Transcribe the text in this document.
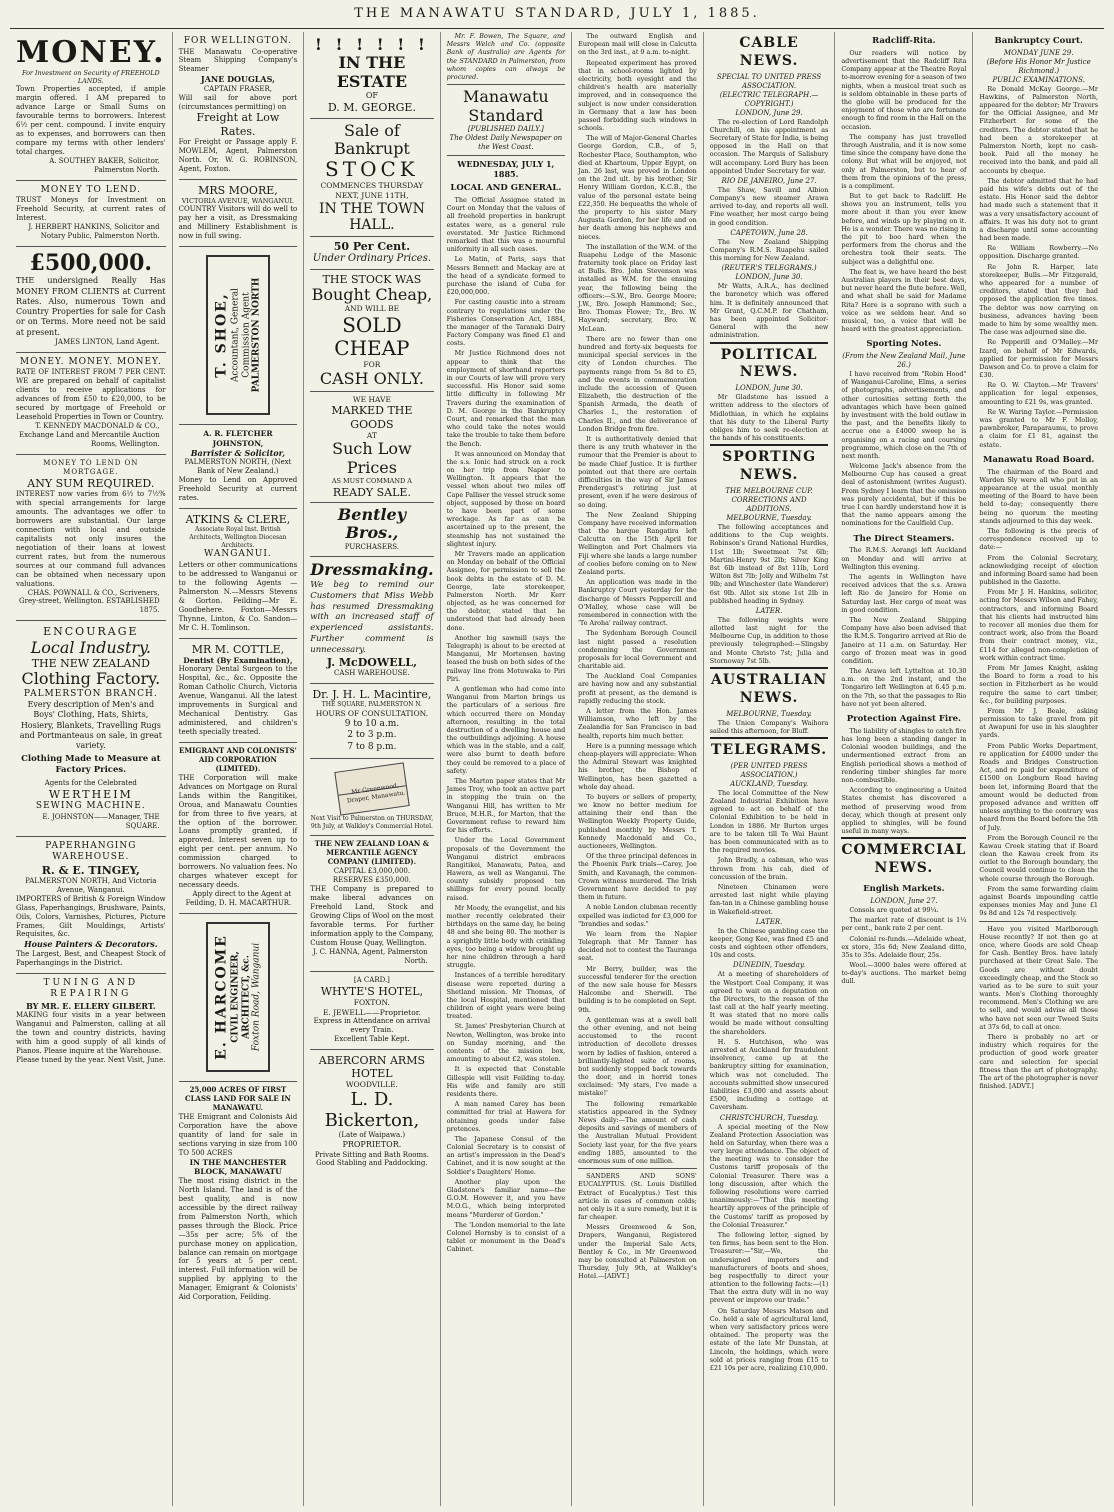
THE MANAWATU STANDARD, JULY 1, 1885.
MONEY.
For Investment on Security of FREEHOLD LANDS.
Town Properties accepted, if ample margin offered. I AM prepared to advance Large or Small Sums on favourable terms to borrowers. Interest 6½ per cent. compound. I invite enquiry as to expenses, and borrowers can then compare my terms with other lenders' total charges.
A. SOUTHEY BAKER, Solicitor, Palmerston North.
MONEY TO LEND.
TRUST Moneys for Investment on Freehold Security, at current rates of Interest.
J. HERBERT HANKINS, Solicitor and Notary Public, Palmerston North.
£500,000.
THE undersigned Really Has MONEY FROM CLIENTS at Current Rates. Also, numerous Town and Country Properties for sale for Cash or on Terms. More need not be said at present.
JAMES LINTON, Land Agent.
MONEY. MONEY. MONEY.
RATE OF INTEREST FROM 7 PER CENT. WE are prepared on behalf of capitalist clients to receive applications for advances of from £50 to £20,000, to be secured by mortgage of Freehold or Leasehold Properties in Town or Country.
T. KENNEDY MACDONALD & CO., Exchange Land and Mercantile Auction Rooms, Wellington.
MONEY TO LEND ON MORTGAGE.
ANY SUM REQUIRED.
INTEREST now varies from 6½ to 7½% with special arrangements for large amounts. The advantages we offer to borrowers are substantial. Our large connection with local and outside capitalists not only insures the negotiation of their loans at lowest current rates, but from the numerous sources at our command full advances can be obtained when necessary upon valuations.
CHAS. POWNALL & CO., Scriveners, Grey-street, Wellington. ESTABLISHED 1875.
ENCOURAGE
Local Industry.
THE NEW ZEALAND
Clothing Factory.
PALMERSTON BRANCH.
Every description of Men's and Boys' Clothing, Hats, Shirts, Hosiery, Blankets, Travelling Rugs and Portmanteaus on sale, in great variety.
Clothing Made to Measure at Factory Prices.
Agents for the Celebrated
WERTHEIM
SEWING MACHINE.
E. JOHNSTON——Manager, THE SQUARE.
PAPERHANGING WAREHOUSE.
R. & E. TINGEY,
PALMERSTON NORTH, And Victoria Avenue, Wanganui.
IMPORTERS of British & Foreign Window Glass, Paperhangings, Brushware, Paints, Oils, Colors, Varnishes, Pictures, Picture Frames, Gilt Mouldings, Artists' Requisites, &c.
House Painters & Decorators.
The Largest, Best, and Cheapest Stock of Paperhangings in the District.
TUNING AND REPAIRING
BY MR. E. ELLERY GILBERT.
MAKING four visits in a year between Wanganui and Palmerston, calling at all the town and country districts, having with him a good supply of all kinds of Pianos. Please inquire at the Warehouse.
Please tuned by the year. Next Visit, June.
FOR WELLINGTON.
THE Manawatu Co-operative Steam Shipping Company's Steamer
JANE DOUGLAS,
CAPTAIN FRASER,
Will sail for above port (circumstances permitting) on
Freight at Low Rates.
For Freight or Passage apply F. MOWLEM, Agent, Palmerston North. Or, W. G. ROBINSON, Agent, Foxton.
MRS MOORE,
VICTORIA AVENUE, WANGANUI.
COUNTRY Visitors will do well to pay her a visit, as Dressmaking and Millinery Establishment is now in full swing.
T. SHOE, Accountant, General Commission Agent PALMERSTON NORTH
A. R. FLETCHER JOHNSTON,
Barrister & Solicitor,
PALMERSTON NORTH, (Next Bank of New Zealand.)
Money to Lend on Approved Freehold Security at current rates.
ATKINS & CLERE,
Associate Royal Inst. British Architects, Wellington Diocesan Architects.
WANGANUI.
Letters or other communications to be addressed to Wanganui or to the following Agents — Palmerston N.—Messrs Stevens & Gorton. Feilding—Mr E. Goodbehere. Foxton—Messrs Thynne, Linton, & Co. Sandon—Mr C. H. Tomlinson.
MR M. COTTLE,
Dentist (By Examination),
Honorary Dental Surgeon to the Hospital, &c., &c. Opposite the Roman Catholic Church, Victoria Avenue, Wanganui. All the latest improvements in Surgical and Mechanical Dentistry. Gas administered, and children's teeth specially treated.
EMIGRANT AND COLONISTS' AID CORPORATION (LIMITED).
THE Corporation will make Advances on Mortgage on Rural Lands within the Rangitikei, Oroua, and Manawatu Counties for from three to five years, at the option of the borrower. Loans promptly granted, if approved. Interest seven up to eight per cent. per annum. No commission charged to borrowers. No valuation fees. No charges whatever except for necessary deeds.
Apply direct to the Agent at Feilding, D. H. MACARTHUR.
E. HARCOME CIVIL ENGINEER, ARCHITECT, &c. Foxton Road, Wanganui
25,000 ACRES OF FIRST CLASS LAND FOR SALE IN MANAWATU.
THE Emigrant and Colonists Aid Corporation have the above quantity of land for sale in sections varying in size from 100 TO 500 ACRES
IN THE MANCHESTER BLOCK, MANAWATU
The most rising district in the North Island. The land is of the best quality, and is now accessible by the direct railway from Palmerston North, which passes through the Block. Price—35s per acre; 5% of the purchase money on application, balance can remain on mortgage for 5 years at 5 per cent. interest. Full information will be supplied by applying to the Manager, Emigrant & Colonists' Aid Corporation, Feilding.
! ! ! ! ! !
IN THE ESTATE
OF
D. M. GEORGE.
Sale of Bankrupt
STOCK
COMMENCES THURSDAY NEXT, JUNE 11TH,
IN THE TOWN HALL.
50 Per Cent.
Under Ordinary Prices.
THE STOCK WAS
Bought Cheap,
AND WILL BE
SOLD CHEAP
FOR
CASH ONLY.
WE HAVE
MARKED THE GOODS
AT
Such Low Prices
AS MUST COMMAND A
READY SALE.
Bentley Bros.,
PURCHASERS.
Dressmaking.
We beg to remind our Customers that Miss Webb has resumed Dressmaking with an increased staff of experienced assistants. Further comment is unnecessary.
J. McDOWELL,
CASH WAREHOUSE.
Dr. J. H. L. Macintire,
THE SQUARE, PALMERSTON N.
HOURS OF CONSULTATION.
9 to 10 a.m.
2 to 3 p.m.
7 to 8 p.m.
Mr Greenwood, Draper, Manawatu.
Next Visit to Palmerston on THURSDAY, 9th July, at Walkley's Commercial Hotel.
THE NEW ZEALAND LOAN & MERCANTILE AGENCY COMPANY (LIMITED).
CAPITAL £3,000,000.
RESERVES £350,000.
THE Company is prepared to make liberal advances on Freehold Land, Stock and Growing Clips of Wool on the most favorable terms. For further information apply to the Company, Custom House Quay, Wellington.
J. C. HANNA, Agent, Palmerston North.
[A CARD.]
WHYTE'S HOTEL,
FOXTON.
E. JEWELL——Proprietor.
Express in Attendance on arrival every Train.
Excellent Table Kept.
ABERCORN ARMS HOTEL
WOODVILLE.
L. D. Bickerton,
(Late of Waipawa.)
PROPRIETOR.
Private Sitting and Bath Rooms.
Good Stabling and Paddocking.

Mr. F. Bowen, The Square, and Messrs Welch and Co. (opposite Bank of Australia) are Agents for the STANDARD in Palmerston, from whom copies can always be procured.

Manawatu Standard
[PUBLISHED DAILY.]
The Oldest Daily Newspaper on the West Coast.
WEDNESDAY, JULY 1, 1885.
LOCAL AND GENERAL.

The Official Assignee stated in Court on Monday that the values of all freehold properties in bankrupt estates were, as a general rule overstated. Mr Justice Richmond remarked that this was a mournful uniformity in all such cases.

Le Matin, of Paris, says that Messrs Bennett and Mackay are at the head of a syndicate formed to purchase the island of Cuba for £20,000,000.

For casting caustic into a stream contrary to regulations under the Fisheries Conservation Act, 1884, the manager of the Taranaki Dairy Factory Company was fined £1 and costs.

Mr Justice Richmond does not appear to think that the employment of shorthand reporters in our Courts of law will prove very successful. His Honor said some little difficulty in following Mr Travers during the examination of D. M. George in the Bankruptcy Court, and remarked that the man who could take the notes would take the trouble to take them before the Bench.

It was announced on Monday that the s.s. Ionic had struck on a rock on her trip from Napier to Wellington. It appears that the vessel when about two miles off Cape Palliser the vessel struck some object, supposed by those on board to have been part of some wreckage. As far as can be ascertained up to the present, the steamship has not sustained the slightest injury.

Mr Travers made an application on Monday on behalf of the Official Assignee, for permission to sell the book debts in the estate of D. M. George, late storekeeper, Palmerston North. Mr Kerr objected, as he was concerned for the debtor, stated that he understood that had already been done.

Another big sawmill (says the Telegraph) is about to be erected at Manganui, Mr Mortensen having leased the bush on both sides of the railway line from Motuwaka to Piri Piri.

A gentleman who had come into Wanganui from Marton brings us the particulars of a serious fire which occurred there on Monday afternoon, resulting in the total destruction of a dwelling house and the outbuildings adjoining. A house which was in the stable, and a calf, were also burnt to death before they could be removed to a place of safety.

The Marton paper states that Mr James Troy, who took an active part in stopping the train on the Wanganui Hill, has written to Mr Bruce, M.H.R., for Marton, that the Government refuse to reward him for his efforts.

Under the Local Government proposals of the Government the Wanganui district embraces Rangitikei, Manawatu, Patea, and Hawera, as well as Wanganui. The county subsidy proposed ten shillings for every pound locally raised.

Mr Moody, the evangelist, and his mother recently celebrated their birthdays on the same day, he being 48 and she being 80. The mother is a sprightly little body with crinkling eyes, too being a widow brought up her nine children through a hard struggle.

Instances of a terrible hereditary disease were reported during a Shetland mission. Mr Thomas, of the local Hospital, mentioned that children of eight years were being treated.

St. James' Presbyterian Church at Newton, Wellington, was broke into on Sunday morning, and the contents of the mission box, amounting to about £2, was stolen.

It is expected that Constable Gillespie will visit Feilding to-day. His wife and family are still residents there.

A man named Carey has been committed for trial at Hawera for obtaining goods under false pretences.

The Japanese Consul of the Colonial Secretary is to consist of an artist's impression in the Dead's Cabinet, and it is now sought at the Soldier's Daughters' Home.

Another play upon the Gladstone's familiar name—the G.O.M. However it, and you have M.O.G., which being interpreted means "Murderer of Gordon."

The 'London memorial to the late Colonel Hornsby is to consist of a tablet or monument in the Dead's Cabinet.

The outward English and European mail will close in Calcutta on the 3rd inst., at 9 a.m. to-night.

Repeated experiment has proved that in school-rooms lighted by electricity, both eyesight and the children's health are materially improved, and in consequence the subject is now under consideration in Germany that a law has been passed forbidding such windows in schools.

The will of Major-General Charles George Gordon, C.B., of 5, Rochester Place, Southampton, who died at Khartoum, Upper Egypt, on Jan. 26 last, was proved in London on the 2nd ult. by his brother, Sir Henry William Gordon, K.C.B., the value of the personal estate being £22,350. He bequeaths the whole of the property to his sister Mary Augusta Gordon, for her life and on her death among his nephews and nieces.

The installation of the W.M. of the Ruapehu Lodge of the Masonic fraternity took place on Friday last at Bulls. Bro. John Stevenson was installed as W.M. for the ensuing year, the following being the officers:—S.W., Bro. George Moore; J.W., Bro. Joseph Hammond; Sec., Bro. Thomas Flower; Tr., Bro. W. Hayward; secretary, Bro. W. McLean.

There are no fewer than one hundred and forty-six bequests for municipal special services in the city of London churches. The payments range from 5s 8d to £5, and the events in commemoration include the accession of Queen Elizabeth, the destruction of the Spanish Armada, the death of Charles I., the restoration of Charles II., and the deliverance of London Bridge from fire.

It is authoritatively denied that there is any truth whatever in the rumour that the Premier is about to be made Chief Justice. It is further pointed out that there are certain difficulties in the way of Sir James Prendergast's retiring just at present, even if he were desirous of so doing.

The New Zealand Shipping Company have received information that the barque Rangatira left Calcutta on the 15th April for Wellington and Port Chalmers via Fiji where she lands a large number of coolies before coming on to New Zealand ports.

An application was made in the Bankruptcy Court yesterday for the discharge of Messrs Peppercill and O'Malley, whose case will be remembered in connection with the 'Te Aroha' railway contract.

The Sydenham Borough Council last night passed a resolution condemning the Government proposals for local Government and charitable aid.

The Auckland Coal Companies are having now and any substantial profit at present, as the demand is rapidly reducing the stock.

A letter from the Hon. James Williamson, who left by the Zealandia for San Francisco in bad health, reports him much better.

Here is a punning message which cheap-players will appreciate: When the Admiral Stewart was knighted his brother, the Bishop of Wellington, has been gazetted a whole day ahead.

To buyers or sellers of property, we know no better medium for attaining their end than the Wellington Weekly Property Guide, published monthly by Messrs T. Kennedy Macdonald and Co., auctioneers, Wellington.

Of the three principal defences in the Phoenix Park trials—Carey, Joe Smith, and Kavanagh, the common-Crown witness murdered. The Irish Government have decided to pay them in future.

A noble London clubman recently expelled was indicted for £3,000 for "brandies and sodas."

We learn from the Napier Telegraph that Mr Tanner has decided not to contest the Tauranga seat.

Mr Berry, builder, was the successful tenderer for the erection of the new sale house for Messrs Halcombe and Sherwill. The building is to be completed on Sept. 9th.

A gentleman was at a swell ball the other evening, and not being accustomed to the recent introduction of decollete dresses worn by ladies of fashion, entered a brilliantly-lighted suite of rooms, but suddenly stopped back towards the door, and in horrid tones exclaimed: 'My stars, I've made a mistake!'

The following remarkable statistics appeared in the Sydney News daily:—The amount of cash deposits and savings of members of the Australian Mutual Provident Society last year, for the five years ending 1885, amounted to the enormous sum of one million.

SANDERS AND SONS' EUCALYPTUS. (St. Louis Distilled Extract of Eucalyptus.) Test this article in cases of common colds; not only is it a sure remedy, but it is far cheaper.

Messrs Greenwood & Son, Drapers, Wanganui, Registered under the Imperial Sale Acts, Bentley & Co., in Mr Greenwood may be consulted at Palmerston on Thursday, July 9th, at Walkley's Hotel.—[ADVT.]

CABLE NEWS.
SPECIAL TO UNITED PRESS ASSOCIATION.
(ELECTRIC TELEGRAPH.—COPYRIGHT.)
LONDON, June 29.

The re-election of Lord Randolph Churchill, on his appointment as Secretary of State for India, is being opposed in the Hall on that occasion. The Marquis of Salisbury will accompany. Lord Bury has been appointed Under Secretary for war.

RIO DE JANEIRO, June 27.

The Shaw, Savill and Albion Company's new steamer Arawa arrived to-day, and reports all well. Fine weather, her most cargo being in good condition.

CAPETOWN, June 28.

The New Zealand Shipping Company's R.M.S. Ruapehu sailed this morning for New Zealand.

(REUTER'S TELEGRAMS.)
LONDON, June 30.

Mr Watts, A.R.A., has declined the baronetcy which was offered him. It is definitely announced that Mr Grant, Q.C.M.P. for Chatham, has been appointed Solicitor-General with the new administration.

POLITICAL NEWS.
LONDON, June 30.

Mr Gladstone has issued a written address to the electors of Midlothian, in which he explains that his duty to the Liberal Party obliges him to seek re-election at the hands of his constituents.

SPORTING NEWS.
THE MELBOURNE CUP.
CORRECTIONS AND ADDITIONS.
MELBOURNE, Tuesday.

The following acceptances and additions to the Cup weights. Robinson's Grand National Hurdles, 11st 1lb; Sweetmeat 7st 6lb; Martini-Henry 9st 2lb; Silver King 8st 6lb instead of 8st 11lb, Lord Wilton 8st 7lb; Jolly and Wilhelm 7st 9lb; and Winchester (late Wanderer) 6st 9lb. Allot six stone 1st 2lb in published heading in Sydney.

LATER.

The following weights were allotted last night for the Melbourne Cup, in addition to those previously telegraphed:—Slingsby and Monte Christo 7st; Julia and Stornoway 7st 5lb.

AUSTRALIAN NEWS.
MELBOURNE, Tuesday.

The Union Company's Waihora sailed this afternoon, for Bluff.

TELEGRAMS.
(PER UNITED PRESS ASSOCIATION.)
AUCKLAND, Tuesday.

The local Committee of the New Zealand Industrial Exhibition have agreed to act on behalf of the Colonial Exhibition to be held in London in 1886. Mr Burton urges are to be taken till Te Wai Haunt has been communicated with as to the required movies.

John Bradly, a cabman, who was thrown from his cab, died of concussion of the brain.

Nineteen Chinamen were arrested last night while playing fan-tan in a Chinese gambling house in Wakefield-street.

LATER.

In the Chinese gambling case the keeper, Gong Kee, was fined £5 and costs and eighteen other offenders, 10s and costs.

DUNEDIN, Tuesday.

At a meeting of shareholders of the Westport Coal Company, it was agreed to wait on a deputation on the Directors, to the reason of the last call at the half yearly meeting. It was stated that no more calls would be made without consulting the shareholders.

H. S. Hutchison, who was arrested at Auckland for fraudulent insolvency, came up at the bankruptcy sitting for examination, which was not concluded. The accounts submitted show unsecured liabilities £3,000 and assets about £500, including a cottage at Caversham.

CHRISTCHURCH, Tuesday.

A special meeting of the New Zealand Protection Association was held on Saturday, when there was a very large attendance. The object of the meeting was to consider the Customs tariff proposals of the Colonial Treasurer. There was a long discussion, after which the following resolutions were carried unanimously:—"That this meeting heartily approves of the principle of the Customs' tariff as proposed by the Colonial Treasurer."

The following letter, signed by ten firms, has been sent to the Hon. Treasurer:—"Sir,—We, the undersigned importers and manufacturers of boots and shoes, beg respectfully to direct your attention to the following facts:—(1) That the extra duty will in no way prevent or improve our trade."

On Saturday Messrs Matson and Co. held a sale of agricultural land, when very satisfactory prices were obtained. The property was the estate of the late Mr Dunstan, at Lincoln, the holdings, which were sold at prices ranging from £15 to £21 10s per acre, realizing £10,000.

Radcliff-Rita.

Our readers will notice by advertisement that the Radcliff Rita Company appear at the Theatre Royal to-morrow evening for a season of two nights, when a musical treat such as is seldom obtainable in these parts of the globe will be produced for the enjoyment of those who are fortunate enough to find room in the Hall on the occasion.

The company has just travelled through Australia, and it is now some time since the company have done the colony. But what will be enjoyed, not only at Palmerston, but to hear of them from the opinions of the press, is a compliment.

But to get back to Radcliff. He shows you an instrument, tells you more about it than you ever knew before, and winds up by playing on it. He is a wonder. There was no rising in the pit to boo hard when the performers from the chorus and the orchestra took their seats. The subject was a delightful one.

The feat is, we have heard the best Australian players in their best days, but never heard the flute before. Well, and what shall be said for Madame Rita? Here is a soprano with such a voice as we seldom hear. And so musical, too, a voice that will be heard with the greatest appreciation.

Sporting Notes.
(From the New Zealand Mail, June 26.)

I have received from "Robin Hood" of Wanganui-Caroline, Elms, a series of photographs, advertisements, and other curiosities setting forth the advantages which have been gained by investment with the bold outlaw in the past, and the benefits likely to accrue one a £4000 sweep he is organising on a racing and coursing programme, which close on the 7th of next month.

Welcome Jack's absence from the Melbourne Cup has caused a great deal of astonishment (writes August). From Sydney I learn that the omission was purely accidental, but if this be true I can hardly understand how it is that the name appears among the nominations for the Caulfield Cup.

The Direct Steamers.

The R.M.S. Aorangi left Auckland on Monday and will arrive at Wellington this evening.

The agents in Wellington have received advices that the s.s. Arawa left Rio de Janeiro for Home on Saturday last. Her cargo of meat was in good condition.

The New Zealand Shipping Company have also been advised that the R.M.S. Tongariro arrived at Rio de Janeiro at 11 a.m. on Saturday. Her cargo of frozen meat was in good condition.

The Arawa left Lyttelton at 10.30 a.m. on the 2nd instant, and the Tongariro left Wellington at 6.45 p.m. on the 7th, so that the passages to Rio have not yet been altered.

Protection Against Fire.

The liability of shingles to catch fire has long been a standing danger in Colonial wooden buildings, and the undermentioned extract from an English periodical shows a method of rendering timber shingles far more non-combustible.

According to engineering a United States chemist has discovered a method of preserving wood from decay, which though at present only applied to shingles, will be found useful in many ways.

COMMERCIAL NEWS.
English Markets.
LONDON, June 27.

Consols are quoted at 99¼.

The market rate of discount is 1¼ per cent., bank rate 2 per cent.

Colonial re-funds.—Adelaide wheat, ex store, 35s 6d; New Zealand ditto, 35s to 35s. Adelaide flour, 25s.

Wool.—3000 bales were offered at to-day's auctions. The market being dull.

Bankruptcy Court.
MONDAY JUNE 29.
(Before His Honor Mr Justice Richmond.)
PUBLIC EXAMINATIONS.

Re Donald McKay George.—Mr Hawkins, of Palmerston North, appeared for the debtor; Mr Travers for the Official Assignee, and Mr Fitzherbert for some of the creditors. The debtor stated that he had been a storekeeper at Palmerston North, kept no cash-book. Paid all the money he received into the bank, and paid all accounts by cheque.

The debtor admitted that he had paid his wife's debts out of the estate. His Honor said the debtor had made such a statement that it was a very unsatisfactory account of affairs. It was his duty not to grant a discharge until some accounting had been made.

Re William Rowberry.—No opposition. Discharge granted.

Re John R. Harper, late storekeeper, Bulls.—Mr Fitzgerald, who appeared for a number of creditors, stated that they had opposed the application five times. The debtor was now carrying on business, advances having been made to him by some wealthy men. The case was adjourned sine die.

Re Pepperill and O'Malley.—Mr Izard, on behalf of Mr Edwards, applied for permission for Messrs Dawson and Co. to prove a claim for £30.

Re O. W. Clayton.—Mr Travers' application for legal expenses, amounting to £21 9s, was granted.

Re W. Waring Taylor.—Permission was granted to Mr F. Molloy, pawnbroker, Paraparaumu, to prove a claim for £1 81, against the estate.

Manawatu Road Board.

The chairman of the Board and Warden Sly were all who put in an appearance at the usual monthly meeting of the Board to have been held to-day; consequently there being no quorum the meeting stands adjourned to this day week.

The following is the precis of correspondence received up to date:—

From the Colonial Secretary, acknowledging receipt of election and informing Board same had been published in the Gazette.

From Mr J. H. Hankins, solicitor, acting for Messrs Wilson and Fahey, contractors, and informing Board that his clients had instructed him to recover all monies due them for contract work, also from the Board from their contract money, viz., £114 for alleged non-completion of work within contract time.

From Mr James Knight, asking the Board to form a road to his section in Fitzherbert as he would require the same to cart timber, &c., for building purposes.

From Mr J. Beale, asking permission to take gravel from pit at Awapuni for use in his slaughter yards.

From Public Works Department, re application for £4000 under the Roads and Bridges Construction Act, and re paid for expenditure of £1500 on Longburn Road having been let, informing Board that the amount would be deducted from proposed advance and written off unless anything to the contrary was heard from the Board before the 5th of July.

From the Borough Council re the Kawau Creek stating that if Board clean the Kawau creek from its outlet to the Borough boundary, the Council would continue to clean the whole course through the Borough.

From the same forwarding claim against Boards impounding cattle expenses monies May and June £1 9s 8d and 12s 7d respectively.

Have you visited Marlborough House recently? If not then go at once, where Goods are sold Cheap for Cash. Bentley Bros. have lately purchased at their Great Sale. The Goods are without doubt exceedingly cheap, and the Stock so varied as to be sure to suit your wants. Men's Clothing thoroughly recommend. Men's Clothing we are to sell, and would advise all those who have not seen our Tweed Suits at 37s 6d, to call at once.

There is probably no art or industry which requires for the production of good work greater care and selection for special fitness than the art of photography. The art of the photographer is never finished. [ADVT.]
